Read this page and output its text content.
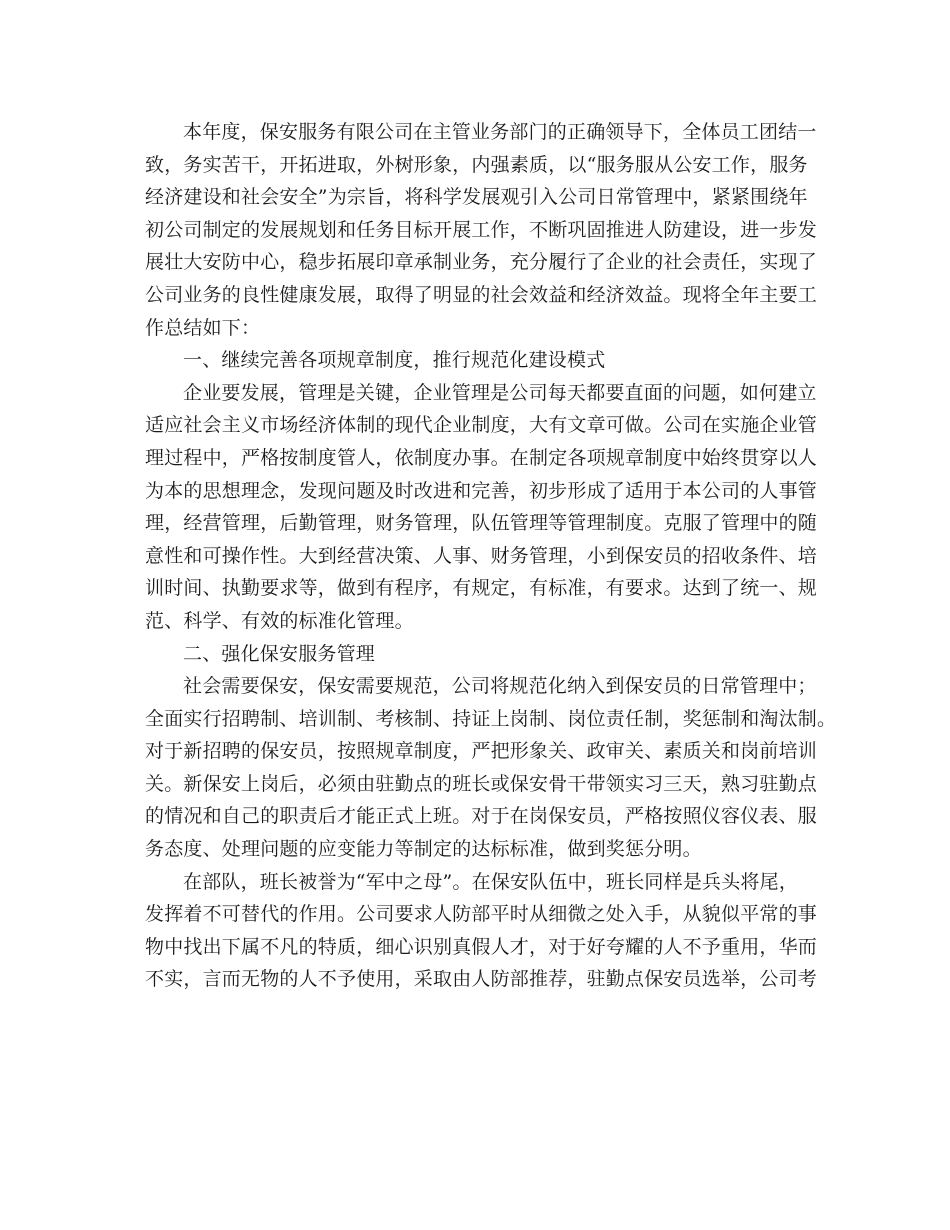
本年度，保安服务有限公司在主管业务部门的正确领导下，全体员工团结一
致，务实苦干，开拓进取，外树形象，内强素质，以“服务服从公安工作，服务
经济建设和社会安全”为宗旨，将科学发展观引入公司日常管理中，紧紧围绕年
初公司制定的发展规划和任务目标开展工作，不断巩固推进人防建设，进一步发
展壮大安防中心，稳步拓展印章承制业务，充分履行了企业的社会责任，实现了
公司业务的良性健康发展，取得了明显的社会效益和经济效益。现将全年主要工
作总结如下：
一、继续完善各项规章制度，推行规范化建设模式
企业要发展，管理是关键，企业管理是公司每天都要直面的问题，如何建立
适应社会主义市场经济体制的现代企业制度，大有文章可做。公司在实施企业管
理过程中，严格按制度管人，依制度办事。在制定各项规章制度中始终贯穿以人
为本的思想理念，发现问题及时改进和完善，初步形成了适用于本公司的人事管
理，经营管理，后勤管理，财务管理，队伍管理等管理制度。克服了管理中的随
意性和可操作性。大到经营决策、人事、财务管理，小到保安员的招收条件、培
训时间、执勤要求等，做到有程序，有规定，有标准，有要求。达到了统一、规
范、科学、有效的标准化管理。
二、强化保安服务管理
社会需要保安，保安需要规范，公司将规范化纳入到保安员的日常管理中；
全面实行招聘制、培训制、考核制、持证上岗制、岗位责任制，奖惩制和淘汰制。
对于新招聘的保安员，按照规章制度，严把形象关、政审关、素质关和岗前培训
关。新保安上岗后，必须由驻勤点的班长或保安骨干带领实习三天，熟习驻勤点
的情况和自己的职责后才能正式上班。对于在岗保安员，严格按照仪容仪表、服
务态度、处理问题的应变能力等制定的达标标准，做到奖惩分明。
在部队，班长被誉为“军中之母”。在保安队伍中，班长同样是兵头将尾，
发挥着不可替代的作用。公司要求人防部平时从细微之处入手，从貌似平常的事
物中找出下属不凡的特质，细心识别真假人才，对于好夸耀的人不予重用，华而
不实，言而无物的人不予使用，采取由人防部推荐，驻勤点保安员选举，公司考
